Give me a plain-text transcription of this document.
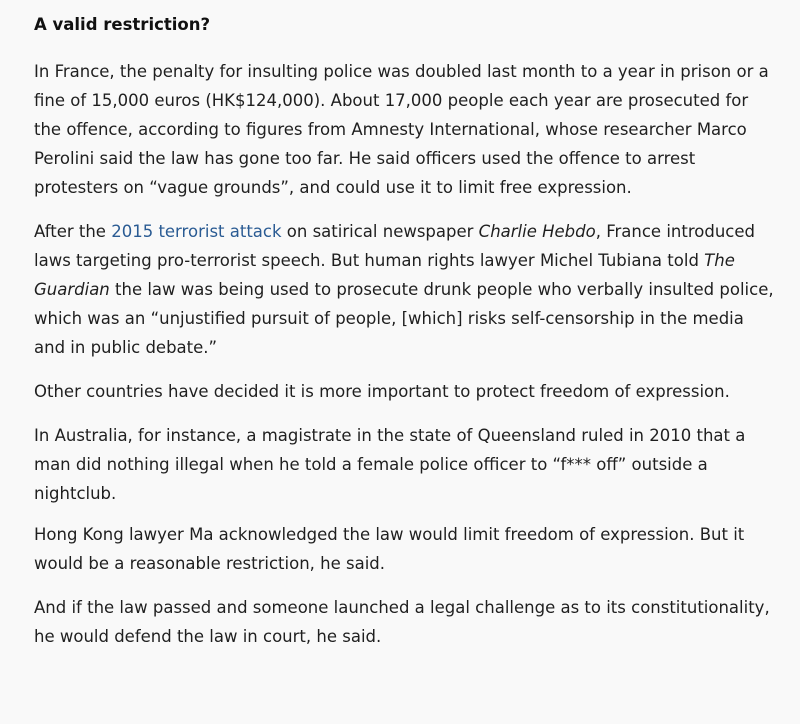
A valid restriction?

In France, the penalty for insulting police was doubled last month to a year in prison or a fine of 15,000 euros (HK$124,000). About 17,000 people each year are prosecuted for the offence, according to figures from Amnesty International, whose researcher Marco Perolini said the law has gone too far. He said officers used the offence to arrest protesters on “vague grounds”, and could use it to limit free expression.

After the 2015 terrorist attack on satirical newspaper Charlie Hebdo, France introduced laws targeting pro-terrorist speech. But human rights lawyer Michel Tubiana told The Guardian the law was being used to prosecute drunk people who verbally insulted police, which was an “unjustified pursuit of people, [which] risks self-censorship in the media and in public debate.”

Other countries have decided it is more important to protect freedom of expression.

In Australia, for instance, a magistrate in the state of Queensland ruled in 2010 that a man did nothing illegal when he told a female police officer to “f*** off” outside a nightclub.

Hong Kong lawyer Ma acknowledged the law would limit freedom of expression. But it would be a reasonable restriction, he said.

And if the law passed and someone launched a legal challenge as to its constitutionality, he would defend the law in court, he said.
